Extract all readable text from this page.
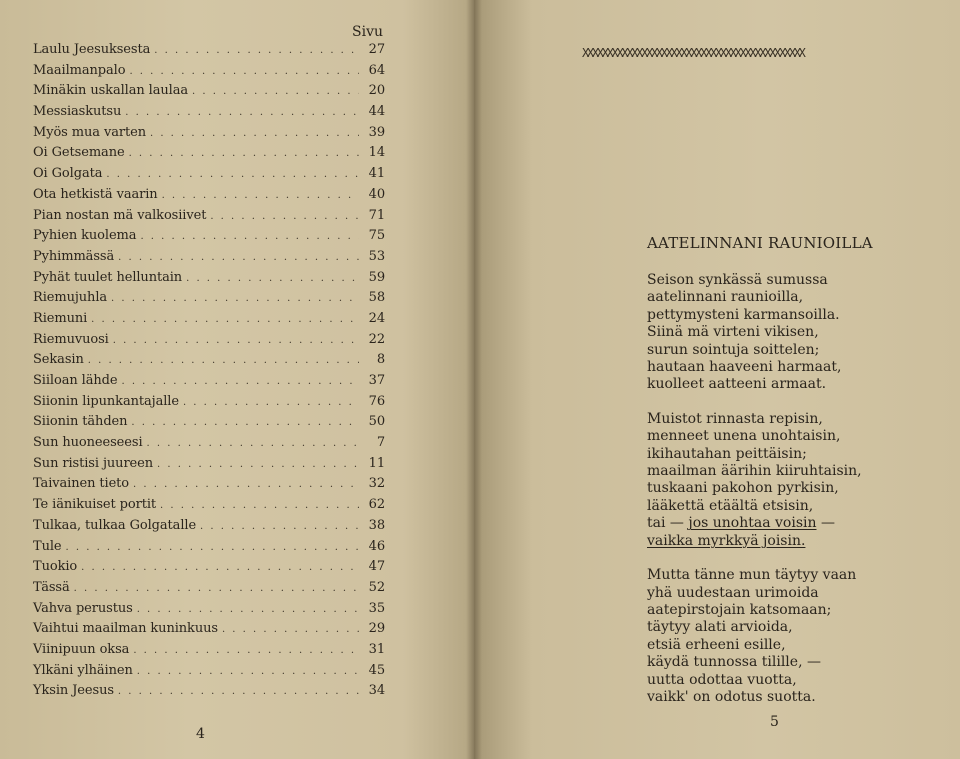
Sivu
Laulu Jeesuksesta . . .	27
Maailmanpalo . . .	64
Minäkin uskallan laulaa . . .	20
Messiaskutsu . . .	44
Myös mua varten . . .	39
Oi Getsemane . . .	14
Oi Golgata . . .	41
Ota hetkistä vaarin . . .	40
Pian nostan mä valkosiivet . . .	71
Pyhien kuolema . . .	75
Pyhimmässä . . .	53
Pyhät tuulet helluntain . . .	59
Riemujuhla . . .	58
Riemuni . . .	24
Riemuvuosi . . .	22
Sekasin . . .	8
Siiloan lähde . . .	37
Siionin lipunkantajalle . . .	76
Siionin tähden . . .	50
Sun huoneeseesi . . .	7
Sun ristisi juureen . . .	11
Taivainen tieto . . .	32
Te iänikuiset portit . . .	62
Tulkaa, tulkaa Golgatalle . . .	38
Tule . . .	46
Tuokio . . .	47
Tässä . . .	52
Vahva perustus . . .	35
Vaihtui maailman kuninkuus . . .	29
Viinipuun oksa . . .	31
Ylkäni ylhäinen . . .	45
Yksin Jeesus . . .	34
4
XXXXXXXXXXXXXXXXXXXXXXXXXXXXXXXXXXXXXXXXXXXXX
AATELINNANI RAUNIOILLA
Seison synkässä sumussa
aatelinnani raunioilla,
pettymysteni karmansoilla.
Siinä mä virteni vikisen,
surun sointuja soittelen;
hautaan haaveeni harmaat,
kuolleet aatteeni armaat.
Muistot rinnasta repisin,
menneet unena unohtaisin,
ikihautahan peittäisin;
maailman äärihin kiiruhtaisin,
tuskaani pakohon pyrkisin,
lääkettä etäältä etsisin,
tai — jos unohtaa voisin —
vaikka myrkkyä joisin.
Mutta tänne mun täytyy vaan
yhä uudestaan urimoida
aatepirstojain katsomaan;
täytyy alati arvioida,
etsiä erheeni esille,
käydä tunnossa tilille, —
uutta odottaa vuotta,
vaikk' on odotus suotta.
5
